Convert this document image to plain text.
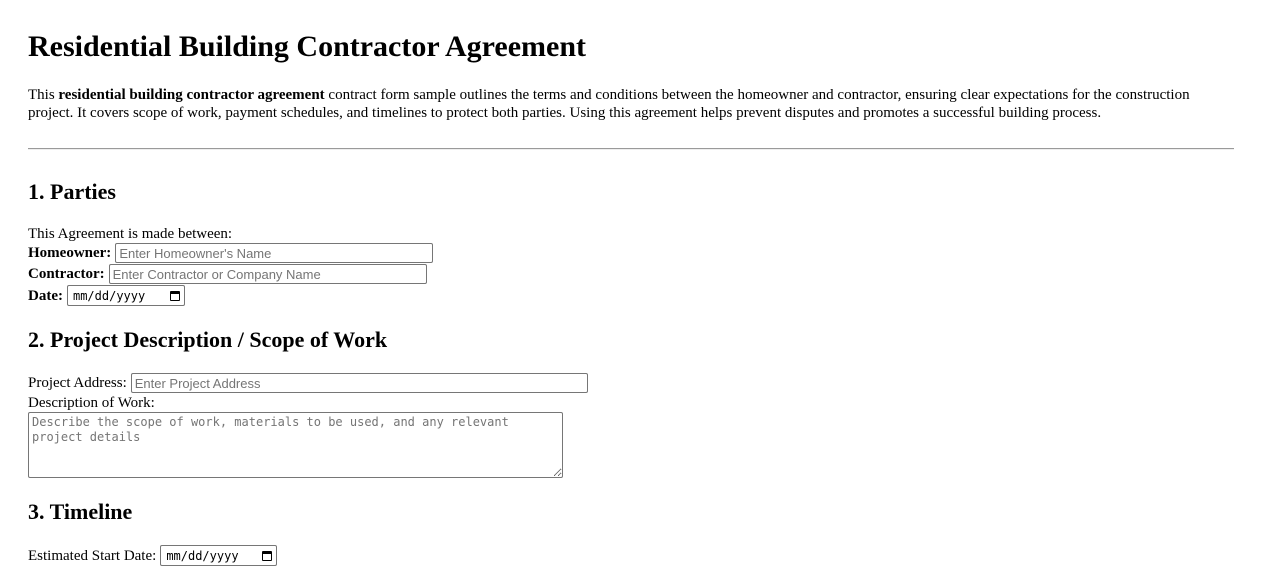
Residential Building Contractor Agreement

This residential building contractor agreement contract form sample outlines the terms and conditions between the homeowner and contractor, ensuring clear expectations for the construction project. It covers scope of work, payment schedules, and timelines to protect both parties. Using this agreement helps prevent disputes and promotes a successful building process.

1. Parties
This Agreement is made between:
Homeowner:
Enter Homeowner's Name
Contractor:
Enter Contractor or Company Name
Date: mm/dd/yyyy
2. Project Description / Scope of Work
Project Address:
Enter Project Address
Description of Work:
Describe the scope of work, materials to be used, and any relevant project details
3. Timeline
Estimated Start Date: mm/dd/yyyy
